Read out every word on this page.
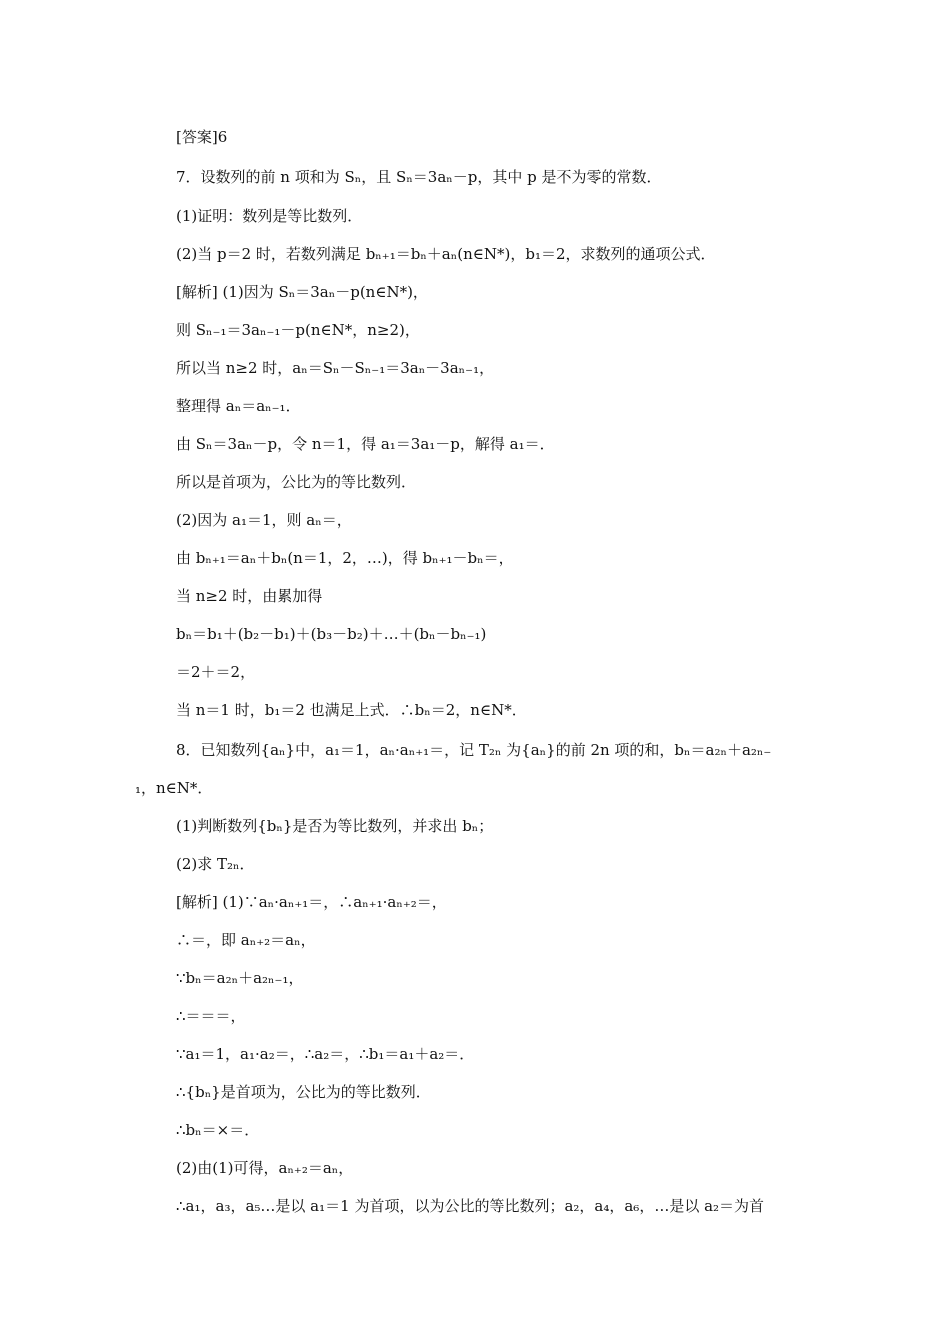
[答案]6
7．设数列的前 n 项和为 Sₙ，且 Sₙ＝3aₙ－p，其中 p 是不为零的常数．
(1)证明：数列是等比数列．
(2)当 p＝2 时，若数列满足 bₙ₊₁＝bₙ＋aₙ(n∈N*)，b₁＝2，求数列的通项公式．
[解析] (1)因为 Sₙ＝3aₙ－p(n∈N*)，
则 Sₙ₋₁＝3aₙ₋₁－p(n∈N*，n≥2)，
所以当 n≥2 时，aₙ＝Sₙ－Sₙ₋₁＝3aₙ－3aₙ₋₁，
整理得 aₙ＝aₙ₋₁．
由 Sₙ＝3aₙ－p，令 n＝1，得 a₁＝3a₁－p，解得 a₁＝．
所以是首项为，公比为的等比数列．
(2)因为 a₁＝1，则 aₙ＝，
由 bₙ₊₁＝aₙ＋bₙ(n＝1，2，…)，得 bₙ₊₁－bₙ＝，
当 n≥2 时，由累加得
bₙ＝b₁＋(b₂－b₁)＋(b₃－b₂)＋…＋(bₙ－bₙ₋₁)
＝2＋＝2，
当 n＝1 时，b₁＝2 也满足上式．∴bₙ＝2，n∈N*．
8．已知数列{aₙ}中，a₁＝1，aₙ·aₙ₊₁＝，记 T₂ₙ 为{aₙ}的前 2n 项的和，bₙ＝a₂ₙ＋a₂ₙ₋
₁，n∈N*．
(1)判断数列{bₙ}是否为等比数列，并求出 bₙ；
(2)求 T₂ₙ．
[解析] (1)∵aₙ·aₙ₊₁＝，∴aₙ₊₁·aₙ₊₂＝，
∴＝，即 aₙ₊₂＝aₙ，
∵bₙ＝a₂ₙ＋a₂ₙ₋₁，
∴＝＝＝，
∵a₁＝1，a₁·a₂＝，∴a₂＝，∴b₁＝a₁＋a₂＝．
∴{bₙ}是首项为，公比为的等比数列．
∴bₙ＝×＝．
(2)由(1)可得，aₙ₊₂＝aₙ，
∴a₁，a₃，a₅…是以 a₁＝1 为首项，以为公比的等比数列；a₂，a₄，a₆，…是以 a₂＝为首
